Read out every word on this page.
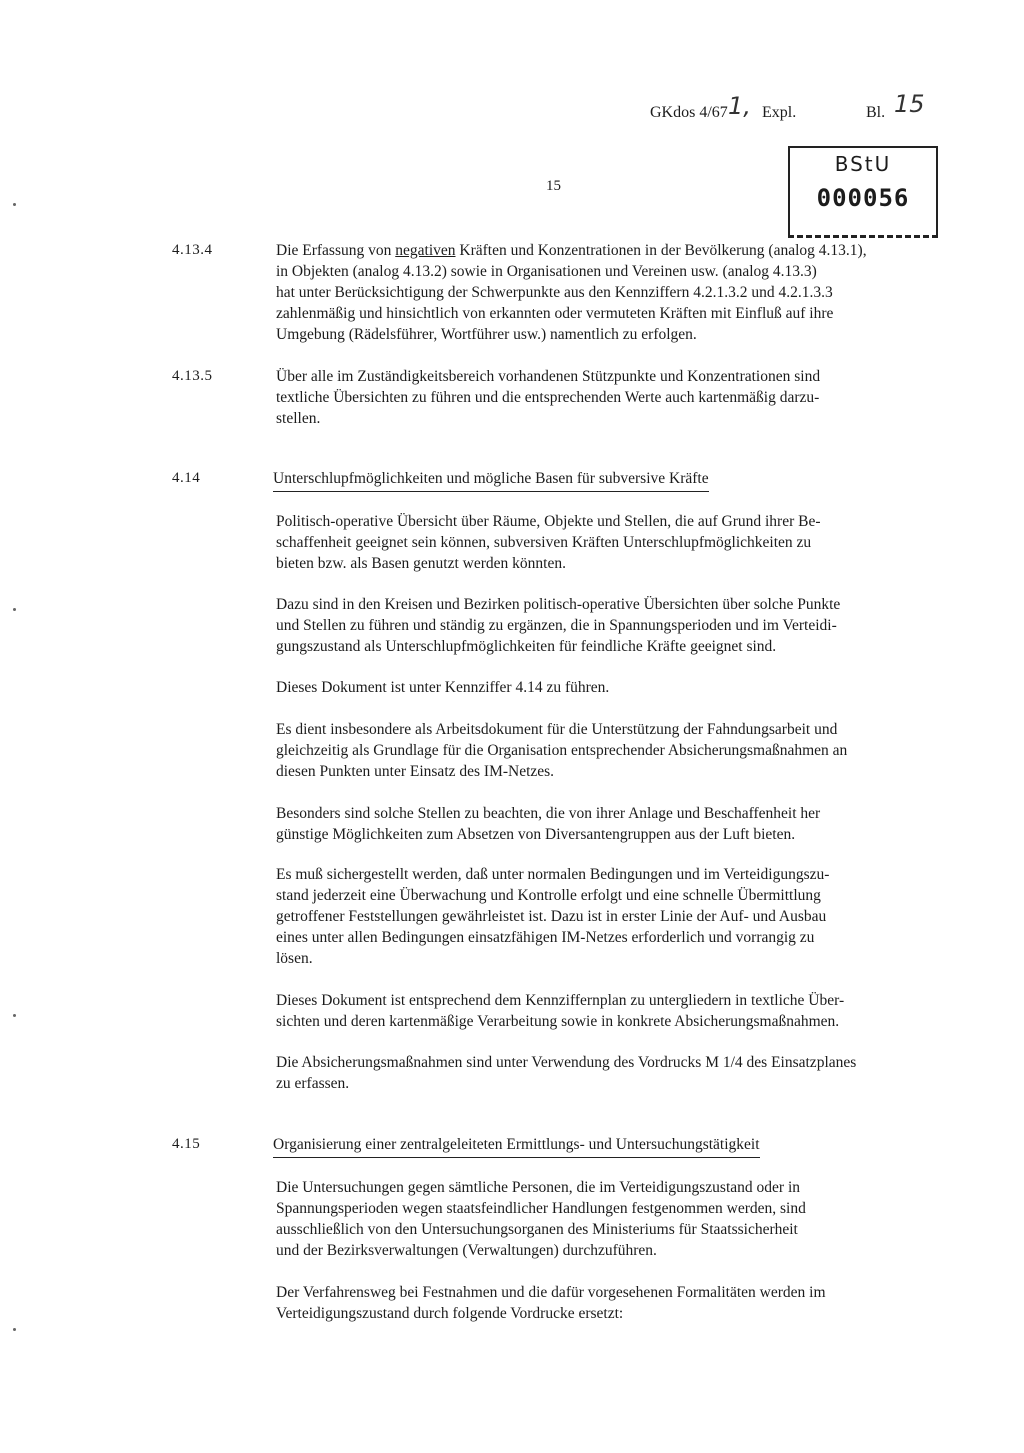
GKdos 4/67 1, Expl.	Bl. 15
BStU
000056
15
4.13.4	Die Erfassung von negativen Kräften und Konzentrationen in der Bevölkerung (analog 4.13.1),
in Objekten (analog 4.13.2) sowie in Organisationen und Vereinen usw. (analog 4.13.3)
hat unter Berücksichtigung der Schwerpunkte aus den Kennziffern 4.2.1.3.2 und 4.2.1.3.3
zahlenmäßig und hinsichtlich von erkannten oder vermuteten Kräften mit Einfluß auf ihre
Umgebung (Rädelsführer, Wortführer usw.) namentlich zu erfolgen.
4.13.5	Über alle im Zuständigkeitsbereich vorhandenen Stützpunkte und Konzentrationen sind
textliche Übersichten zu führen und die entsprechenden Werte auch kartenmäßig darzu-
stellen.
4.14	Unterschlupfmöglichkeiten und mögliche Basen für subversive Kräfte
Politisch-operative Übersicht über Räume, Objekte und Stellen, die auf Grund ihrer Be-
schaffenheit geeignet sein können, subversiven Kräften Unterschlupfmöglichkeiten zu
bieten bzw. als Basen genutzt werden könnten.
Dazu sind in den Kreisen und Bezirken politisch-operative Übersichten über solche Punkte
und Stellen zu führen und ständig zu ergänzen, die in Spannungsperioden und im Verteidi-
gungszustand als Unterschlupfmöglichkeiten für feindliche Kräfte geeignet sind.
Dieses Dokument ist unter Kennziffer 4.14 zu führen.
Es dient insbesondere als Arbeitsdokument für die Unterstützung der Fahndungsarbeit und
gleichzeitig als Grundlage für die Organisation entsprechender Absicherungsmaßnahmen an
diesen Punkten unter Einsatz des IM-Netzes.
Besonders sind solche Stellen zu beachten, die von ihrer Anlage und Beschaffenheit her
günstige Möglichkeiten zum Absetzen von Diversantengruppen aus der Luft bieten.
Es muß sichergestellt werden, daß unter normalen Bedingungen und im Verteidigungszu-
stand jederzeit eine Überwachung und Kontrolle erfolgt und eine schnelle Übermittlung
getroffener Feststellungen gewährleistet ist. Dazu ist in erster Linie der Auf- und Ausbau
eines unter allen Bedingungen einsatzfähigen IM-Netzes erforderlich und vorrangig zu
lösen.
Dieses Dokument ist entsprechend dem Kennziffernplan zu untergliedern in textliche Über-
sichten und deren kartenmäßige Verarbeitung sowie in konkrete Absicherungsmaßnahmen.
Die Absicherungsmaßnahmen sind unter Verwendung des Vordrucks M 1/4 des Einsatzplanes
zu erfassen.
4.15	Organisierung einer zentralgeleiteten Ermittlungs- und Untersuchungstätigkeit
Die Untersuchungen gegen sämtliche Personen, die im Verteidigungszustand oder in
Spannungsperioden wegen staatsfeindlicher Handlungen festgenommen werden, sind
ausschließlich von den Untersuchungsorganen des Ministeriums für Staatssicherheit
und der Bezirksverwaltungen (Verwaltungen) durchzuführen.
Der Verfahrensweg bei Festnahmen und die dafür vorgesehenen Formalitäten werden im
Verteidigungszustand durch folgende Vordrucke ersetzt:
